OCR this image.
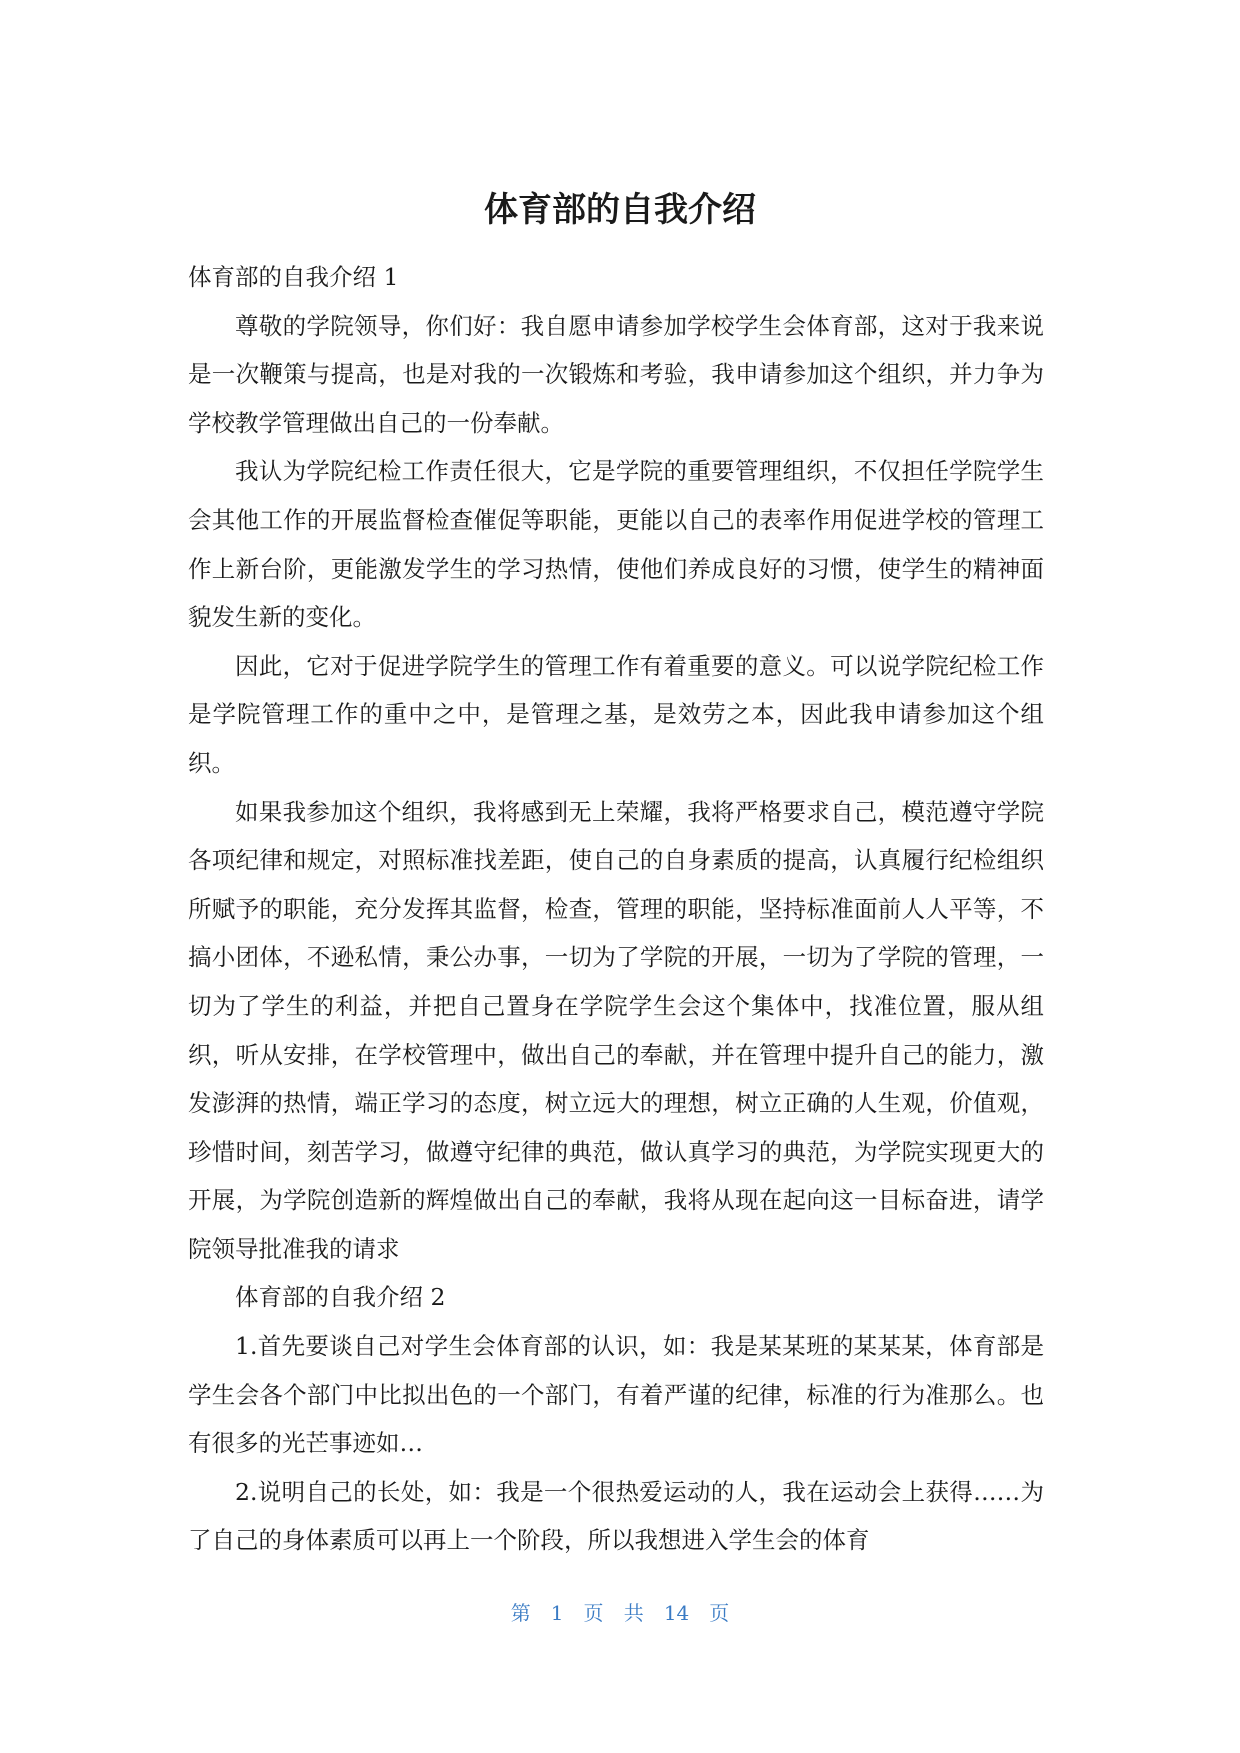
体育部的自我介绍

体育部的自我介绍 1

尊敬的学院领导，你们好：我自愿申请参加学校学生会体育部，这对于我来说是一次鞭策与提高，也是对我的一次锻炼和考验，我申请参加这个组织，并力争为学校教学管理做出自己的一份奉献。

我认为学院纪检工作责任很大，它是学院的重要管理组织，不仅担任学院学生会其他工作的开展监督检查催促等职能，更能以自己的表率作用促进学校的管理工作上新台阶，更能激发学生的学习热情，使他们养成良好的习惯，使学生的精神面貌发生新的变化。

因此，它对于促进学院学生的管理工作有着重要的意义。可以说学院纪检工作是学院管理工作的重中之中，是管理之基，是效劳之本，因此我申请参加这个组织。

如果我参加这个组织，我将感到无上荣耀，我将严格要求自己，模范遵守学院各项纪律和规定，对照标准找差距，使自己的自身素质的提高，认真履行纪检组织所赋予的职能，充分发挥其监督，检查，管理的职能，坚持标准面前人人平等，不搞小团体，不逊私情，秉公办事，一切为了学院的开展，一切为了学院的管理，一切为了学生的利益，并把自己置身在学院学生会这个集体中，找准位置，服从组织，听从安排，在学校管理中，做出自己的奉献，并在管理中提升自己的能力，激发澎湃的热情，端正学习的态度，树立远大的理想，树立正确的人生观，价值观，珍惜时间，刻苦学习，做遵守纪律的典范，做认真学习的典范，为学院实现更大的开展，为学院创造新的辉煌做出自己的奉献，我将从现在起向这一目标奋进，请学院领导批准我的请求

体育部的自我介绍 2

1.首先要谈自己对学生会体育部的认识，如：我是某某班的某某某，体育部是学生会各个部门中比拟出色的一个部门，有着严谨的纪律，标准的行为准那么。也有很多的光芒事迹如…

2.说明自己的长处，如：我是一个很热爱运动的人，我在运动会上获得……为了自己的身体素质可以再上一个阶段，所以我想进入学生会的体育

第 1 页 共 14 页
